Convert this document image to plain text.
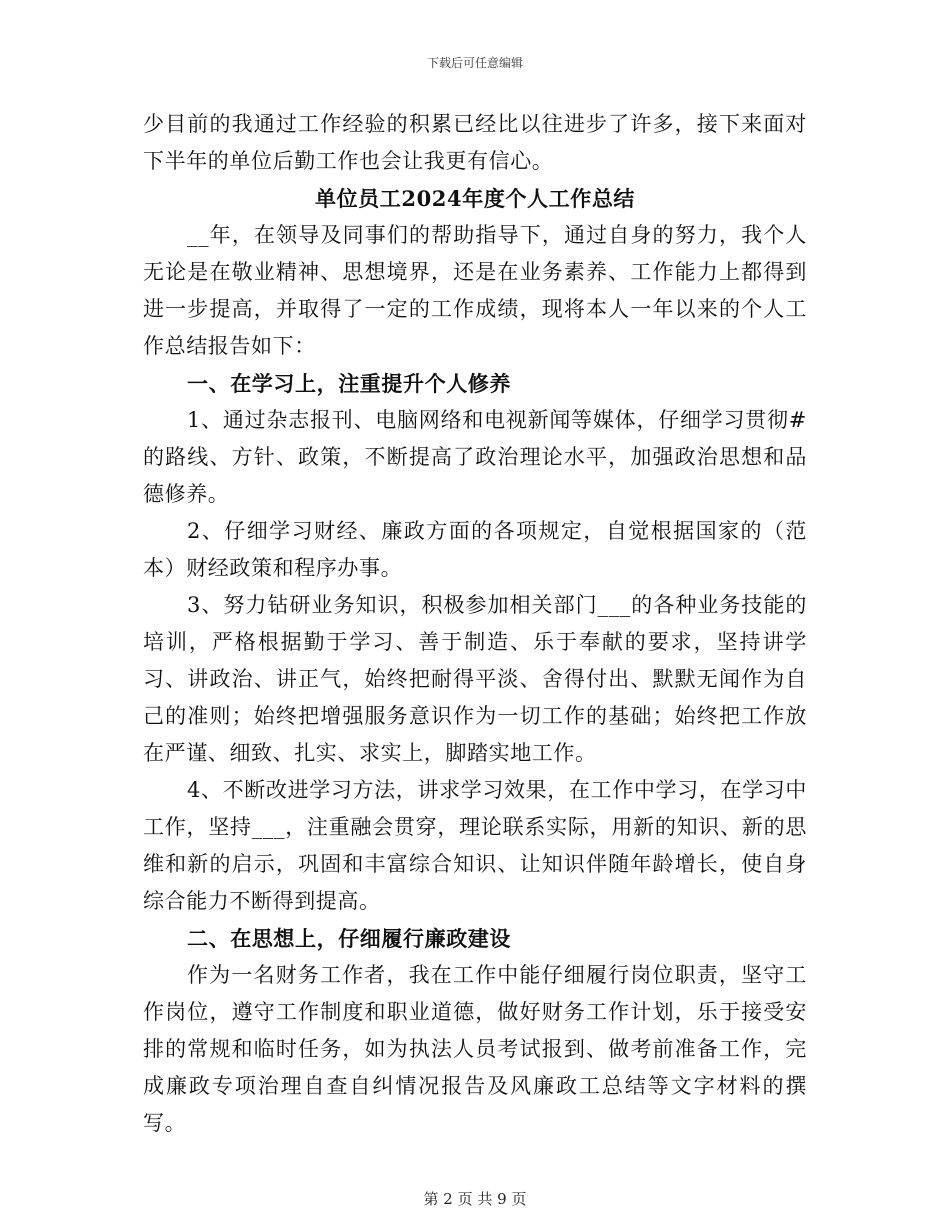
下载后可任意编辑

少目前的我通过工作经验的积累已经比以往进步了许多，接下来面对下半年的单位后勤工作也会让我更有信心。

单位员工2024年度个人工作总结

__年，在领导及同事们的帮助指导下，通过自身的努力，我个人无论是在敬业精神、思想境界，还是在业务素养、工作能力上都得到进一步提高，并取得了一定的工作成绩，现将本人一年以来的个人工作总结报告如下：

一、在学习上，注重提升个人修养

1、通过杂志报刊、电脑网络和电视新闻等媒体，仔细学习贯彻#的路线、方针、政策，不断提高了政治理论水平，加强政治思想和品德修养。

2、仔细学习财经、廉政方面的各项规定，自觉根据国家的（范本）财经政策和程序办事。

3、努力钻研业务知识，积极参加相关部门___的各种业务技能的培训，严格根据勤于学习、善于制造、乐于奉献的要求，坚持讲学习、讲政治、讲正气，始终把耐得平淡、舍得付出、默默无闻作为自己的准则；始终把增强服务意识作为一切工作的基础；始终把工作放在严谨、细致、扎实、求实上，脚踏实地工作。

4、不断改进学习方法，讲求学习效果，在工作中学习，在学习中工作，坚持___，注重融会贯穿，理论联系实际，用新的知识、新的思维和新的启示，巩固和丰富综合知识、让知识伴随年龄增长，使自身综合能力不断得到提高。

二、在思想上，仔细履行廉政建设

作为一名财务工作者，我在工作中能仔细履行岗位职责，坚守工作岗位，遵守工作制度和职业道德，做好财务工作计划，乐于接受安排的常规和临时任务，如为执法人员考试报到、做考前准备工作，完成廉政专项治理自查自纠情况报告及风廉政工总结等文字材料的撰写。

第 2 页 共 9 页
